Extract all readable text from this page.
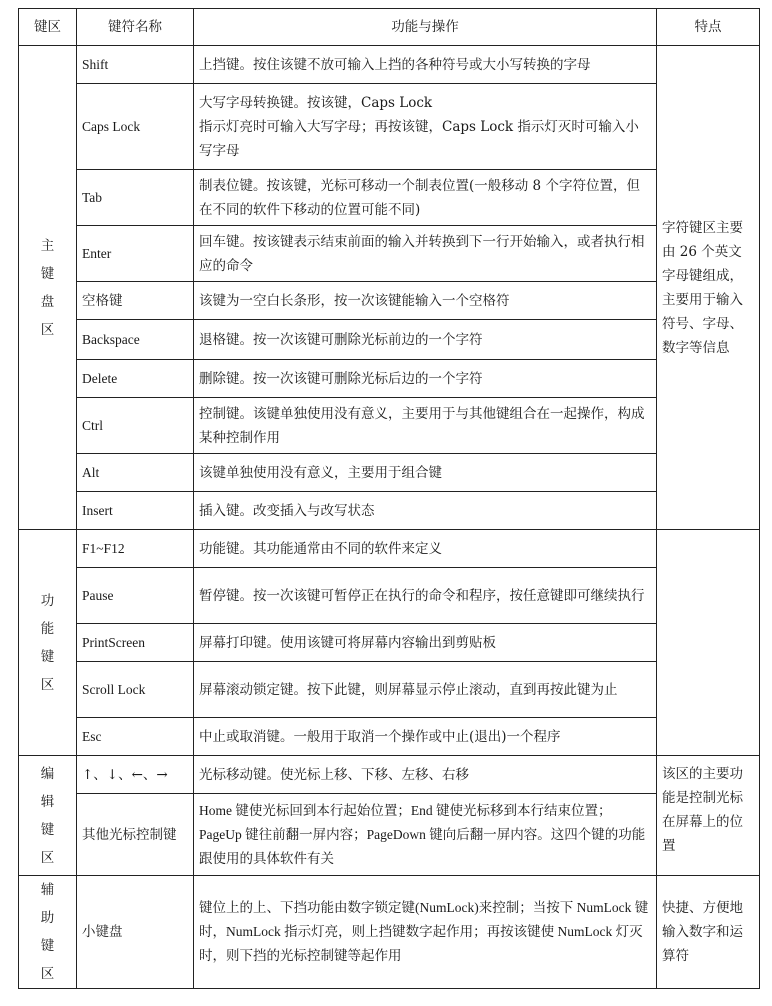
键区	键符名称	功能与操作	特点

主
键
盘
区	Shift	上挡键。按住该键不放可输入上挡的各种符号或大小写转换的字母	字符键区主要由 26 个英文字母键组成，主要用于输入符号、字母、数字等信息
	Caps Lock	大写字母转换键。按该键，Caps Lock
指示灯亮时可输入大写字母；再按该键，Caps Lock 指示灯灭时可输入小写字母	
	Tab	制表位键。按该键，光标可移动一个制表位置(一般移动 8 个字符位置，但在不同的软件下移动的位置可能不同)	
	Enter	回车键。按该键表示结束前面的输入并转换到下一行开始输入，或者执行相应的命令	
	空格键	该键为一空白长条形，按一次该键能输入一个空格符	
	Backspace	退格键。按一次该键可删除光标前边的一个字符	
	Delete	删除键。按一次该键可删除光标后边的一个字符	
	Ctrl	控制键。该键单独使用没有意义，主要用于与其他键组合在一起操作，构成某种控制作用	
	Alt	该键单独使用没有意义，主要用于组合键	
	Insert	插入键。改变插入与改写状态	

功
能
键
区	F1~F12	功能键。其功能通常由不同的软件来定义	
	Pause	暂停键。按一次该键可暂停正在执行的命令和程序，按任意键即可继续执行	
	PrintScreen	屏幕打印键。使用该键可将屏幕内容输出到剪贴板	
	Scroll Lock	屏幕滚动锁定键。按下此键，则屏幕显示停止滚动，直到再按此键为止	
	Esc	中止或取消键。一般用于取消一个操作或中止(退出)一个程序	

编
辑
键
区	↑、↓、←、→	光标移动键。使光标上移、下移、左移、右移	该区的主要功能是控制光标在屏幕上的位置
	其他光标控制键	Home 键使光标回到本行起始位置；End 键使光标移到本行结束位置；PageUp 键往前翻一屏内容；PageDown 键向后翻一屏内容。这四个键的功能跟使用的具体软件有关	

辅
助
键
区	小键盘	键位上的上、下挡功能由数字锁定键(NumLock)来控制；当按下 NumLock 键时，NumLock 指示灯亮，则上挡键数字起作用；再按该键使 NumLock 灯灭时，则下挡的光标控制键等起作用	快捷、方便地输入数字和运算符
